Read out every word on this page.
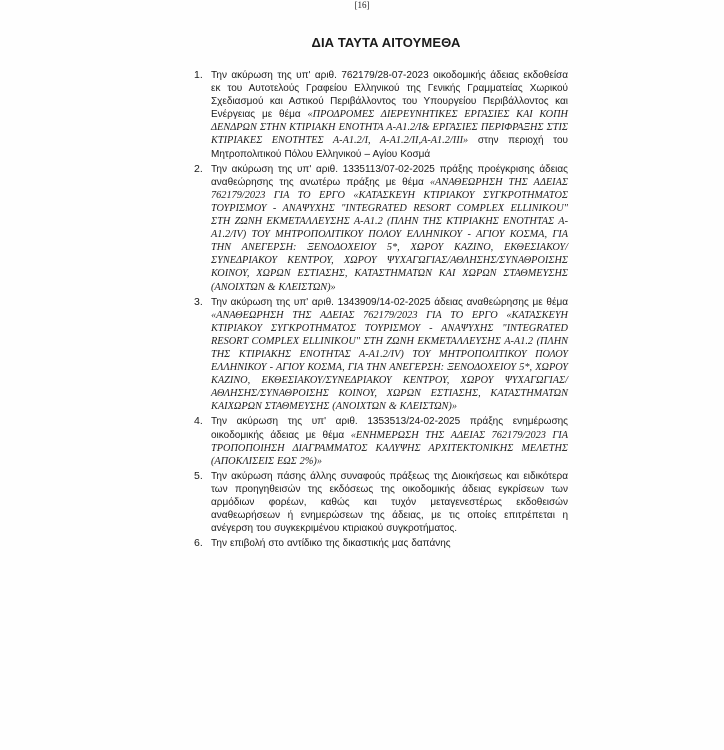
[16]
ΔΙΑ ΤΑΥΤΑ ΑΙΤΟΥΜΕΘΑ
1. Την ακύρωση της υπ' αριθ. 762179/28-07-2023 οικοδομικής άδειας εκδοθείσα εκ του Αυτοτελούς Γραφείου Ελληνικού της Γενικής Γραμματείας Χωρικού Σχεδιασμού και Αστικού Περιβάλλοντος του Υπουργείου Περιβάλλοντος και Ενέργειας με θέμα «ΠΡΟΔΡΟΜΕΣ ΔΙΕΡΕΥΝΗΤΙΚΕΣ ΕΡΓΑΣΙΕΣ ΚΑΙ ΚΟΠΗ ΔΕΝΔΡΩΝ ΣΤΗΝ ΚΤΙΡΙΑΚΗ ΕΝΟΤΗΤΑ Α-Α1.2/Ι& ΕΡΓΑΣΙΕΣ ΠΕΡΙΦΡΑΞΗΣ ΣΤΙΣ ΚΤΙΡΙΑΚΕΣ ΕΝΟΤΗΤΕΣ Α-Α1.2/Ι, Α-Α1.2/ΙΙ,Α-Α1.2/ΙΙΙ» στην περιοχή του Μητροπολιτικού Πόλου Ελληνικού – Αγίου Κοσμά
2. Την ακύρωση της υπ' αριθ. 1335113/07-02-2025 πράξης προέγκρισης άδειας αναθεώρησης της ανωτέρω πράξης με θέμα «ΑΝΑΘΕΩΡΗΣΗ ΤΗΣ ΑΔΕΙΑΣ 762179/2023 ΓΙΑ ΤΟ ΕΡΓΟ «ΚΑΤΑΣΚΕΥΗ ΚΤΙΡΙΑΚΟΥ ΣΥΓΚΡΟΤΗΜΑΤΟΣ ΤΟΥΡΙΣΜΟΥ - ΑΝΑΨΥΧΗΣ "INTEGRATED RESORT COMPLEX ELLINIKOU" ΣΤΗ ΖΩΝΗ ΕΚΜΕΤΑΛΛΕΥΣΗΣ Α-Α1.2 (ΠΛΗΝ ΤΗΣ ΚΤΙΡΙΑΚΗΣ ΕΝΟΤΗΤΑΣ Α-Α1.2/IV) ΤΟΥ ΜΗΤΡΟΠΟΛΙΤΙΚΟΥ ΠΟΛΟΥ ΕΛΛΗΝΙΚΟΥ - ΑΓΙΟΥ ΚΟΣΜΑ, ΓΙΑ ΤΗΝ ΑΝΕΓΕΡΣΗ: ΞΕΝΟΔΟΧΕΙΟΥ 5*, ΧΩΡΟΥ ΚΑΖΙΝΟ, ΕΚΘΕΣΙΑΚΟΥ/ΣΥΝΕΔΡΙΑΚΟΥ ΚΕΝΤΡΟΥ, ΧΩΡΟΥ ΨΥΧΑΓΩΓΙΑΣ/ΑΘΛΗΣΗΣ/ΣΥΝΑΘΡΟΙΣΗΣ ΚΟΙΝΟΥ, ΧΩΡΩΝ ΕΣΤΙΑΣΗΣ, ΚΑΤΑΣΤΗΜΑΤΩΝ ΚΑΙ ΧΩΡΩΝ ΣΤΑΘΜΕΥΣΗΣ (ΑΝΟΙΧΤΩΝ & ΚΛΕΙΣΤΩΝ)»
3. Την ακύρωση της υπ' αριθ. 1343909/14-02-2025 άδειας αναθεώρησης με θέμα «ΑΝΑΘΕΩΡΗΣΗ ΤΗΣ ΑΔΕΙΑΣ 762179/2023 ΓΙΑ ΤΟ ΕΡΓΟ «ΚΑΤΑΣΚΕΥΗ ΚΤΙΡΙΑΚΟΥ ΣΥΓΚΡΟΤΗΜΑΤΟΣ ΤΟΥΡΙΣΜΟΥ - ΑΝΑΨΥΧΗΣ "INTEGRATED RESORT COMPLEX ELLINIKOU" ΣΤΗ ΖΩΝΗ ΕΚΜΕΤΑΛΛΕΥΣΗΣ Α-Α1.2 (ΠΛΗΝ ΤΗΣ ΚΤΙΡΙΑΚΗΣ ΕΝΟΤΗΤΑΣ Α-Α1.2/IV) ΤΟΥ ΜΗΤΡΟΠΟΛΙΤΙΚΟΥ ΠΟΛΟΥ ΕΛΛΗΝΙΚΟΥ - ΑΓΙΟΥ ΚΟΣΜΑ, ΓΙΑ ΤΗΝ ΑΝΕΓΕΡΣΗ: ΞΕΝΟΔΟΧΕΙΟΥ 5*, ΧΩΡΟΥ ΚΑΖΙΝΟ, ΕΚΘΕΣΙΑΚΟΥ/ΣΥΝΕΔΡΙΑΚΟΥ ΚΕΝΤΡΟΥ, ΧΩΡΟΥ ΨΥΧΑΓΩΓΙΑΣ/ΑΘΛΗΣΗΣ/ΣΥΝΑΘΡΟΙΣΗΣ ΚΟΙΝΟΥ, ΧΩΡΩΝ ΕΣΤΙΑΣΗΣ, ΚΑΤΑΣΤΗΜΑΤΩΝ ΚΑΙΧΩΡΩΝ ΣΤΑΘΜΕΥΣΗΣ (ΑΝΟΙΧΤΩΝ & ΚΛΕΙΣΤΩΝ)»
4. Την ακύρωση της υπ' αριθ. 1353513/24-02-2025 πράξης ενημέρωσης οικοδομικής άδειας με θέμα «ΕΝΗΜΕΡΩΣΗ ΤΗΣ ΑΔΕΙΑΣ 762179/2023 ΓΙΑ ΤΡΟΠΟΠΟΙΗΣΗ ΔΙΑΓΡΑΜΜΑΤΟΣ ΚΑΛΥΨΗΣ ΑΡΧΙΤΕΚΤΟΝΙΚΗΣ ΜΕΛΕΤΗΣ (ΑΠΟΚΛΙΣΕΙΣ ΕΩΣ 2%)»
5. Την ακύρωση πάσης άλλης συναφούς πράξεως της Διοικήσεως και ειδικότερα των προηγηθεισών της εκδόσεως της οικοδομικής άδειας εγκρίσεων των αρμόδιων φορέων, καθώς και τυχόν μεταγενεστέρως εκδοθεισών αναθεωρήσεων ή ενημερώσεων της άδειας, με τις οποίες επιτρέπεται η ανέγερση του συγκεκριμένου κτιριακού συγκροτήματος.
6. Την επιβολή στο αντίδικο της δικαστικής μας δαπάνης
